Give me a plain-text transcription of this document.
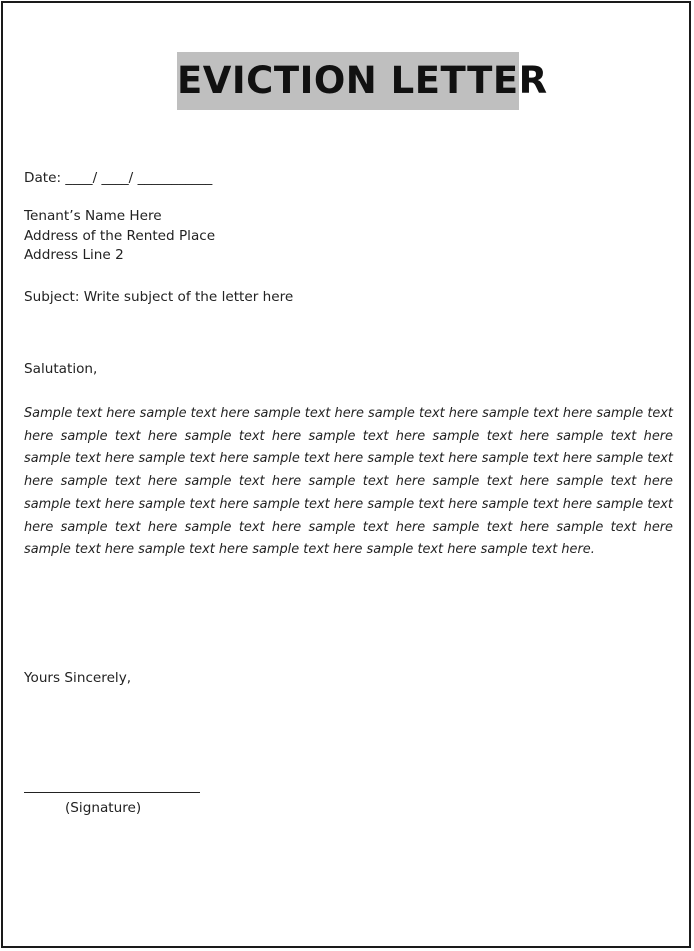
EVICTION LETTER
Date: ____/ ____/ ___________
Tenant’s Name Here
Address of the Rented Place
Address Line 2
Subject: Write subject of the letter here
Salutation,
Sample text here sample text here sample text here sample text here sample text here sample text here sample text here sample text here sample text here sample text here sample text here sample text here sample text here sample text here sample text here sample text here sample text here sample text here sample text here sample text here sample text here sample text here sample text here sample text here sample text here sample text here sample text here sample text here sample text here sample text here sample text here sample text here sample text here sample text here sample text here sample text here sample text here sample text here.
Yours Sincerely,
(Signature)
